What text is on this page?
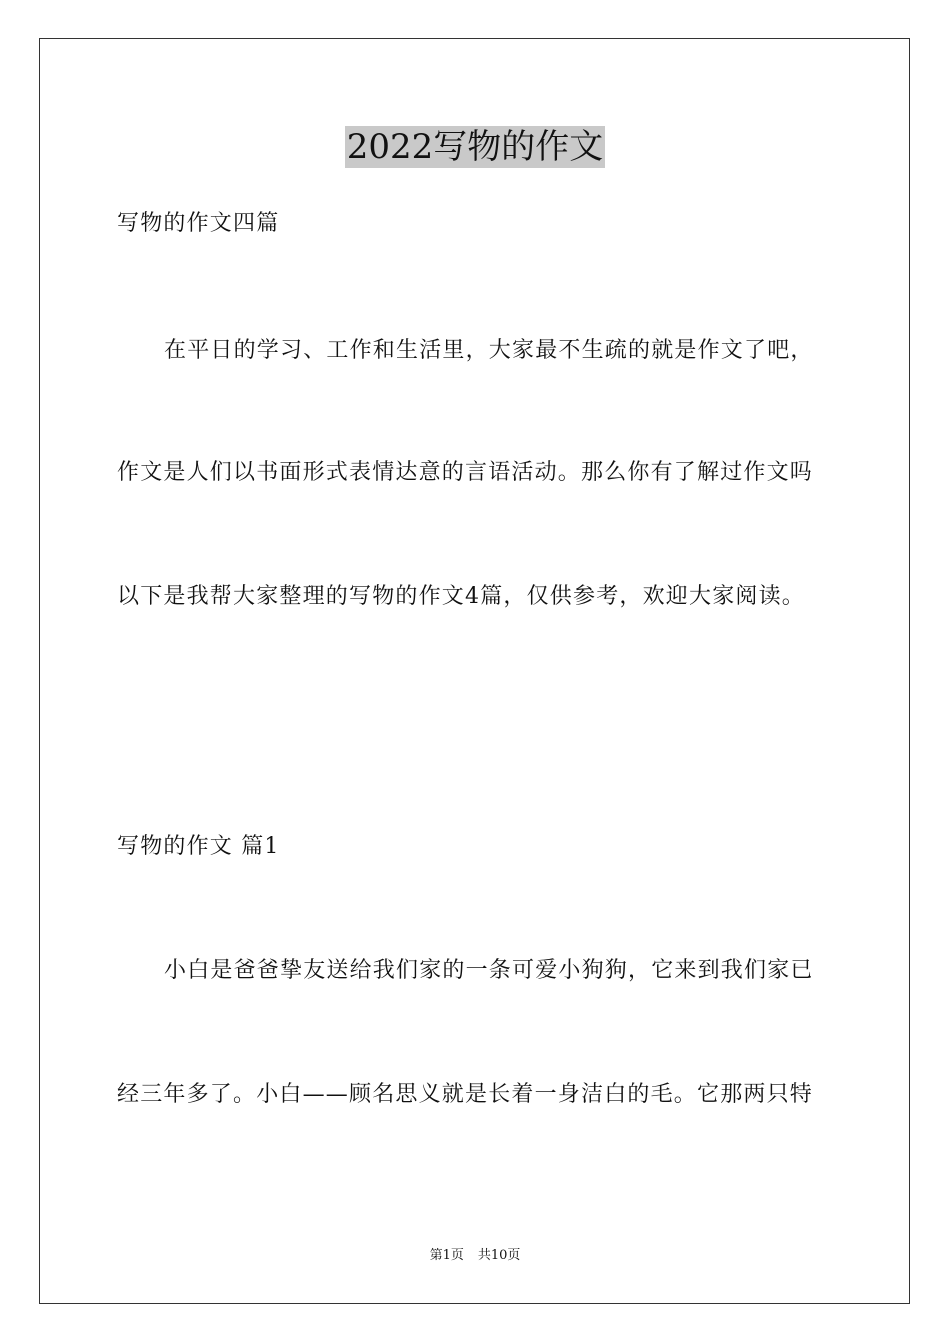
2022写物的作文
写物的作文四篇
在平日的学习、工作和生活里，大家最不生疏的就是作文了吧，
作文是人们以书面形式表情达意的言语活动。那么你有了解过作文吗
以下是我帮大家整理的写物的作文4篇，仅供参考，欢迎大家阅读。
写物的作文 篇1
小白是爸爸挚友送给我们家的一条可爱小狗狗，它来到我们家已
经三年多了。小白——顾名思义就是长着一身洁白的毛。它那两只特
第1页 共10页
